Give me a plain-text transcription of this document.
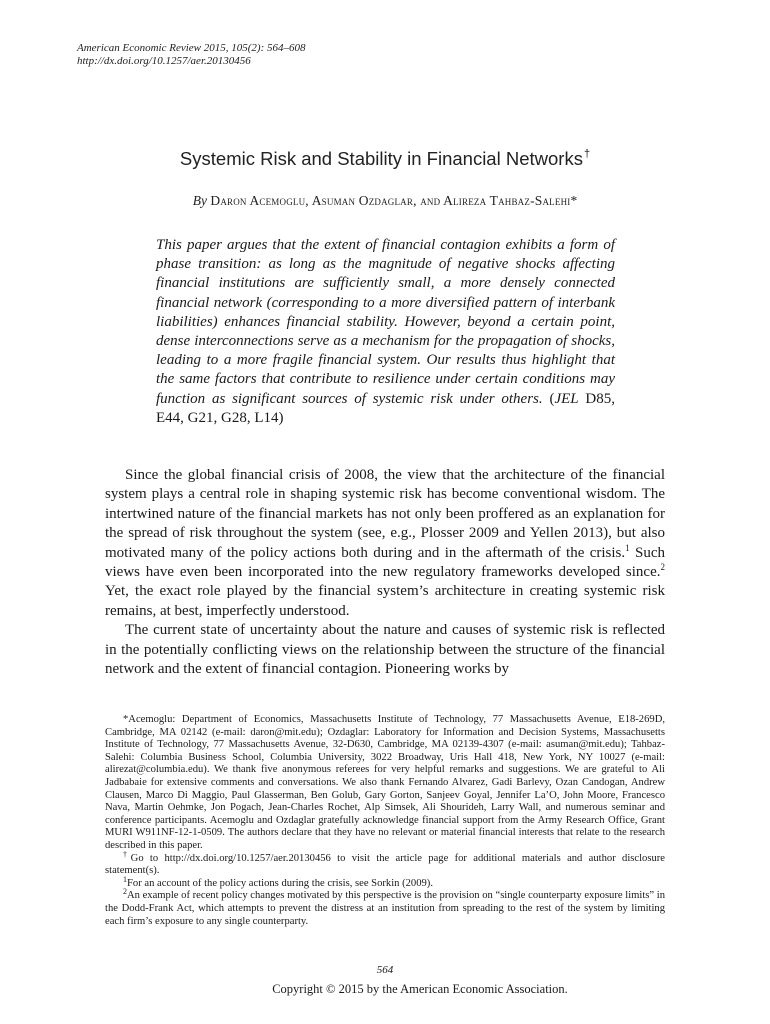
American Economic Review 2015, 105(2): 564–608
http://dx.doi.org/10.1257/aer.20130456
Systemic Risk and Stability in Financial Networks†
By Daron Acemoglu, Asuman Ozdaglar, and Alireza Tahbaz-Salehi*
This paper argues that the extent of financial contagion exhibits a form of phase transition: as long as the magnitude of negative shocks affecting financial institutions are sufficiently small, a more densely connected financial network (corresponding to a more diversified pattern of interbank liabilities) enhances financial stability. However, beyond a certain point, dense interconnections serve as a mechanism for the propagation of shocks, leading to a more fragile financial system. Our results thus highlight that the same factors that contribute to resilience under certain conditions may function as significant sources of systemic risk under others. (JEL D85, E44, G21, G28, L14)

Since the global financial crisis of 2008, the view that the architecture of the financial system plays a central role in shaping systemic risk has become conventional wisdom. The intertwined nature of the financial markets has not only been proffered as an explanation for the spread of risk throughout the system (see, e.g., Plosser 2009 and Yellen 2013), but also motivated many of the policy actions both during and in the aftermath of the crisis.$^1$ Such views have even been incorporated into the new regulatory frameworks developed since.$^2$ Yet, the exact role played by the financial system’s architecture in creating systemic risk remains, at best, imperfectly understood.

The current state of uncertainty about the nature and causes of systemic risk is reflected in the potentially conflicting views on the relationship between the structure of the financial network and the extent of financial contagion. Pioneering works by

*Acemoglu: Department of Economics, Massachusetts Institute of Technology, 77 Massachusetts Avenue, E18-269D, Cambridge, MA 02142 (e-mail: daron@mit.edu); Ozdaglar: Laboratory for Information and Decision Systems, Massachusetts Institute of Technology, 77 Massachusetts Avenue, 32-D630, Cambridge, MA 02139-4307 (e-mail: asuman@mit.edu); Tahbaz-Salehi: Columbia Business School, Columbia University, 3022 Broadway, Uris Hall 418, New York, NY 10027 (e-mail: alirezat@columbia.edu). We thank five anonymous referees for very helpful remarks and suggestions. We are grateful to Ali Jadbabaie for extensive comments and conversations. We also thank Fernando Alvarez, Gadi Barlevy, Ozan Candogan, Andrew Clausen, Marco Di Maggio, Paul Glasserman, Ben Golub, Gary Gorton, Sanjeev Goyal, Jennifer La’O, John Moore, Francesco Nava, Martin Oehmke, Jon Pogach, Jean-Charles Rochet, Alp Simsek, Ali Shourideh, Larry Wall, and numerous seminar and conference participants. Acemoglu and Ozdaglar gratefully acknowledge financial support from the Army Research Office, Grant MURI W911NF-12-1-0509. The authors declare that they have no relevant or material financial interests that relate to the research described in this paper.

†Go to http://dx.doi.org/10.1257/aer.20130456 to visit the article page for additional materials and author disclosure statement(s).

$^1$For an account of the policy actions during the crisis, see Sorkin (2009).

$^2$An example of recent policy changes motivated by this perspective is the provision on “single counterparty exposure limits” in the Dodd-Frank Act, which attempts to prevent the distress at an institution from spreading to the rest of the system by limiting each firm’s exposure to any single counterparty.

564
Copyright © 2015 by the American Economic Association.
